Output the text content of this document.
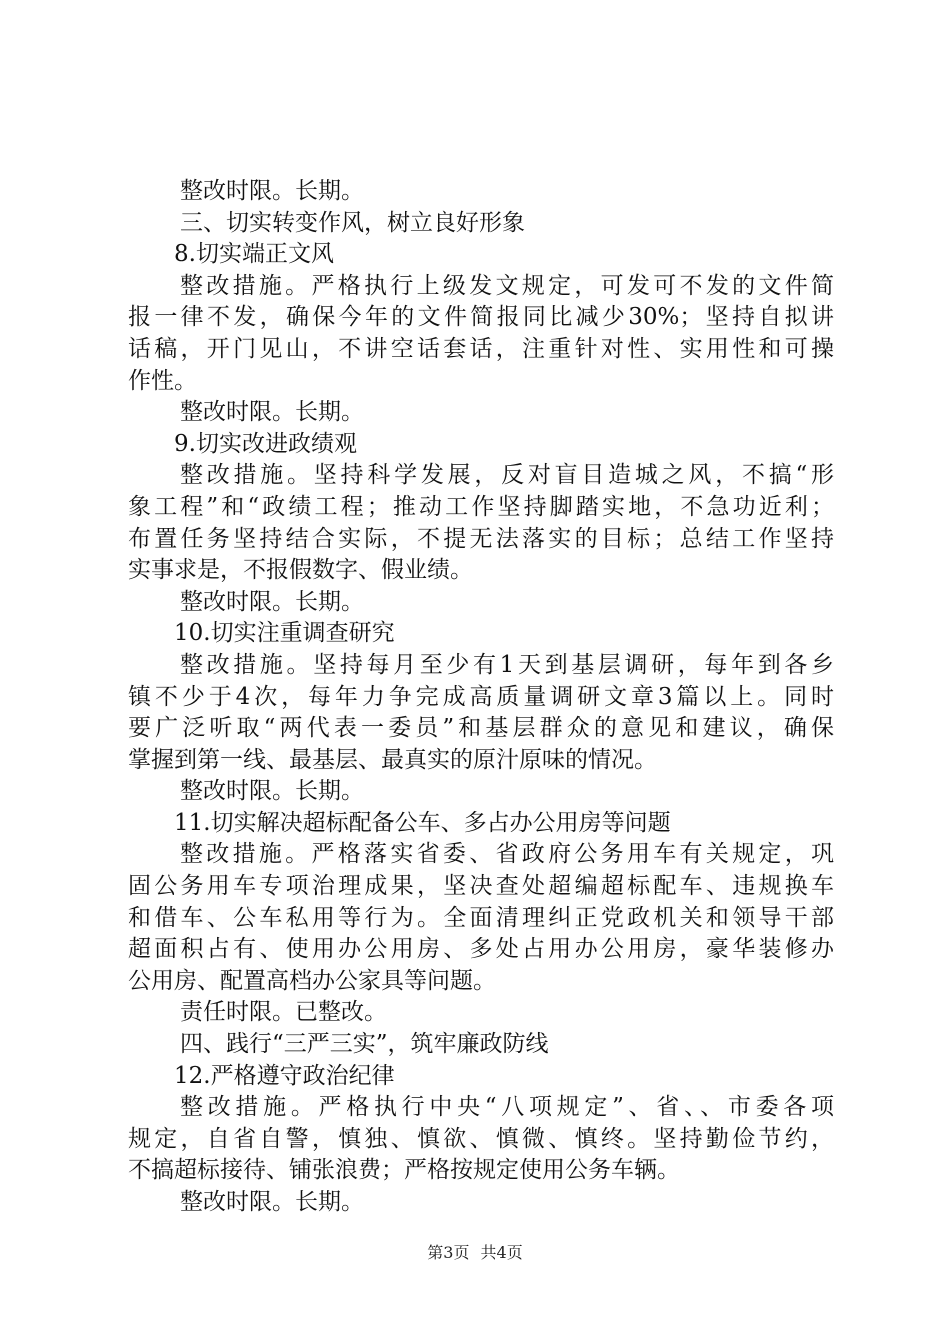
整改时限。长期。
三、切实转变作风，树立良好形象
8.切实端正文风
整改措施。严格执行上级发文规定，可发可不发的文件简
报一律不发，确保今年的文件简报同比减少30%；坚持自拟讲
话稿，开门见山，不讲空话套话，注重针对性、实用性和可操
作性。
整改时限。长期。
9.切实改进政绩观
整改措施。坚持科学发展，反对盲目造城之风，不搞“形
象工程”和“政绩工程；推动工作坚持脚踏实地，不急功近利；
布置任务坚持结合实际，不提无法落实的目标；总结工作坚持
实事求是，不报假数字、假业绩。
整改时限。长期。
10.切实注重调查研究
整改措施。坚持每月至少有1天到基层调研，每年到各乡
镇不少于4次，每年力争完成高质量调研文章3篇以上。同时
要广泛听取“两代表一委员”和基层群众的意见和建议，确保
掌握到第一线、最基层、最真实的原汁原味的情况。
整改时限。长期。
11.切实解决超标配备公车、多占办公用房等问题
整改措施。严格落实省委、省政府公务用车有关规定，巩
固公务用车专项治理成果，坚决查处超编超标配车、违规换车
和借车、公车私用等行为。全面清理纠正党政机关和领导干部
超面积占有、使用办公用房、多处占用办公用房，豪华装修办
公用房、配置高档办公家具等问题。
责任时限。已整改。
四、践行“三严三实”，筑牢廉政防线
12.严格遵守政治纪律
整改措施。严格执行中央“八项规定”、省、、市委各项
规定，自省自警，慎独、慎欲、慎微、慎终。坚持勤俭节约，
不搞超标接待、铺张浪费；严格按规定使用公务车辆。
整改时限。长期。
第3页 共4页
